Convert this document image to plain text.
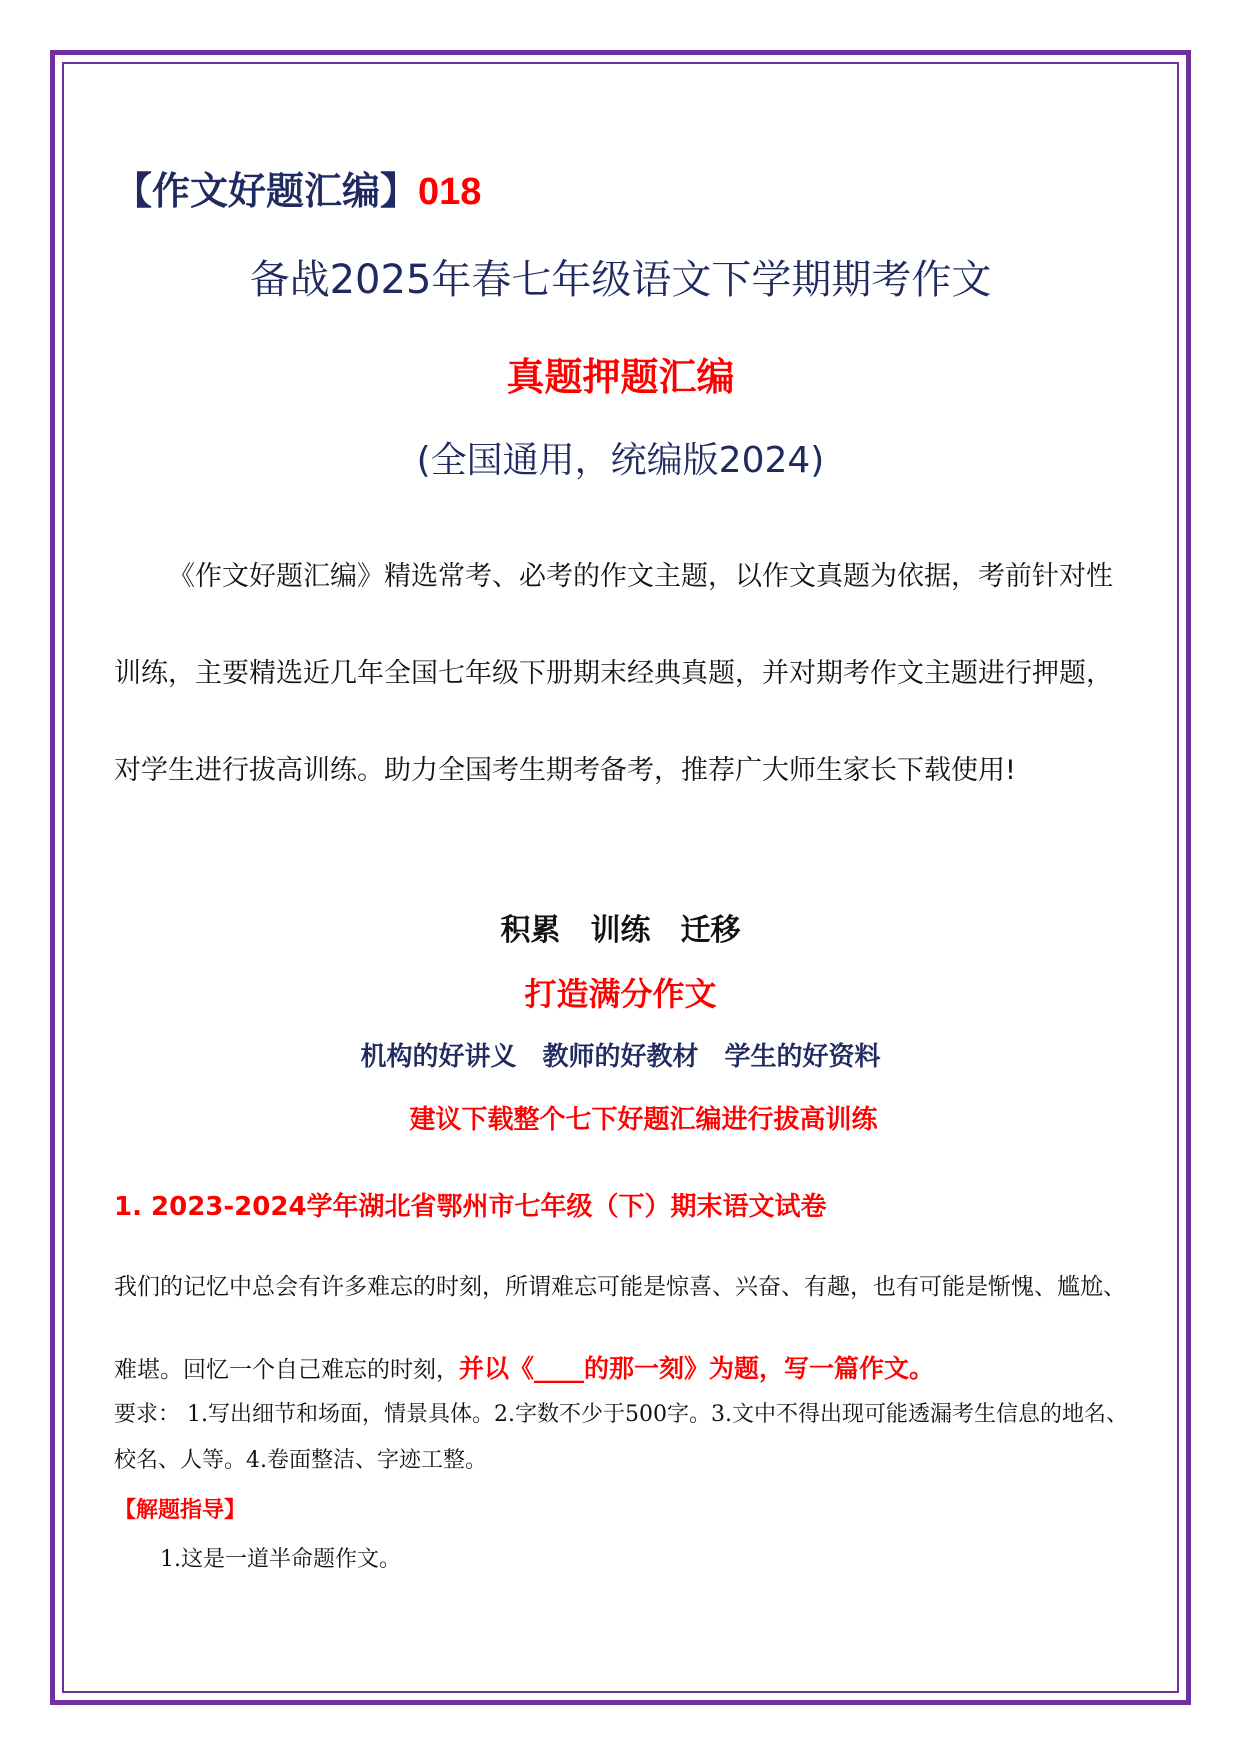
【作文好题汇编】018
备战2025年春七年级语文下学期期考作文
真题押题汇编
(全国通用，统编版2024)

《作文好题汇编》精选常考、必考的作文主题，以作文真题为依据，考前针对性训练，主要精选近几年全国七年级下册期末经典真题，并对期考作文主题进行押题，对学生进行拔高训练。助力全国考生期考备考，推荐广大师生家长下载使用!

积累　训练　迁移
打造满分作文
机构的好讲义　教师的好教材　学生的好资料
建议下载整个七下好题汇编进行拔高训练
1. 2023-2024学年湖北省鄂州市七年级（下）期末语文试卷

我们的记忆中总会有许多难忘的时刻，所谓难忘可能是惊喜、兴奋、有趣，也有可能是惭愧、尴尬、难堪。回忆一个自己难忘的时刻，并以《____的那一刻》为题，写一篇作文。

要求： 1.写出细节和场面，情景具体。2.字数不少于500字。3.文中不得出现可能透漏考生信息的地名、校名、人等。4.卷面整洁、字迹工整。

【解题指导】
1.这是一道半命题作文。
